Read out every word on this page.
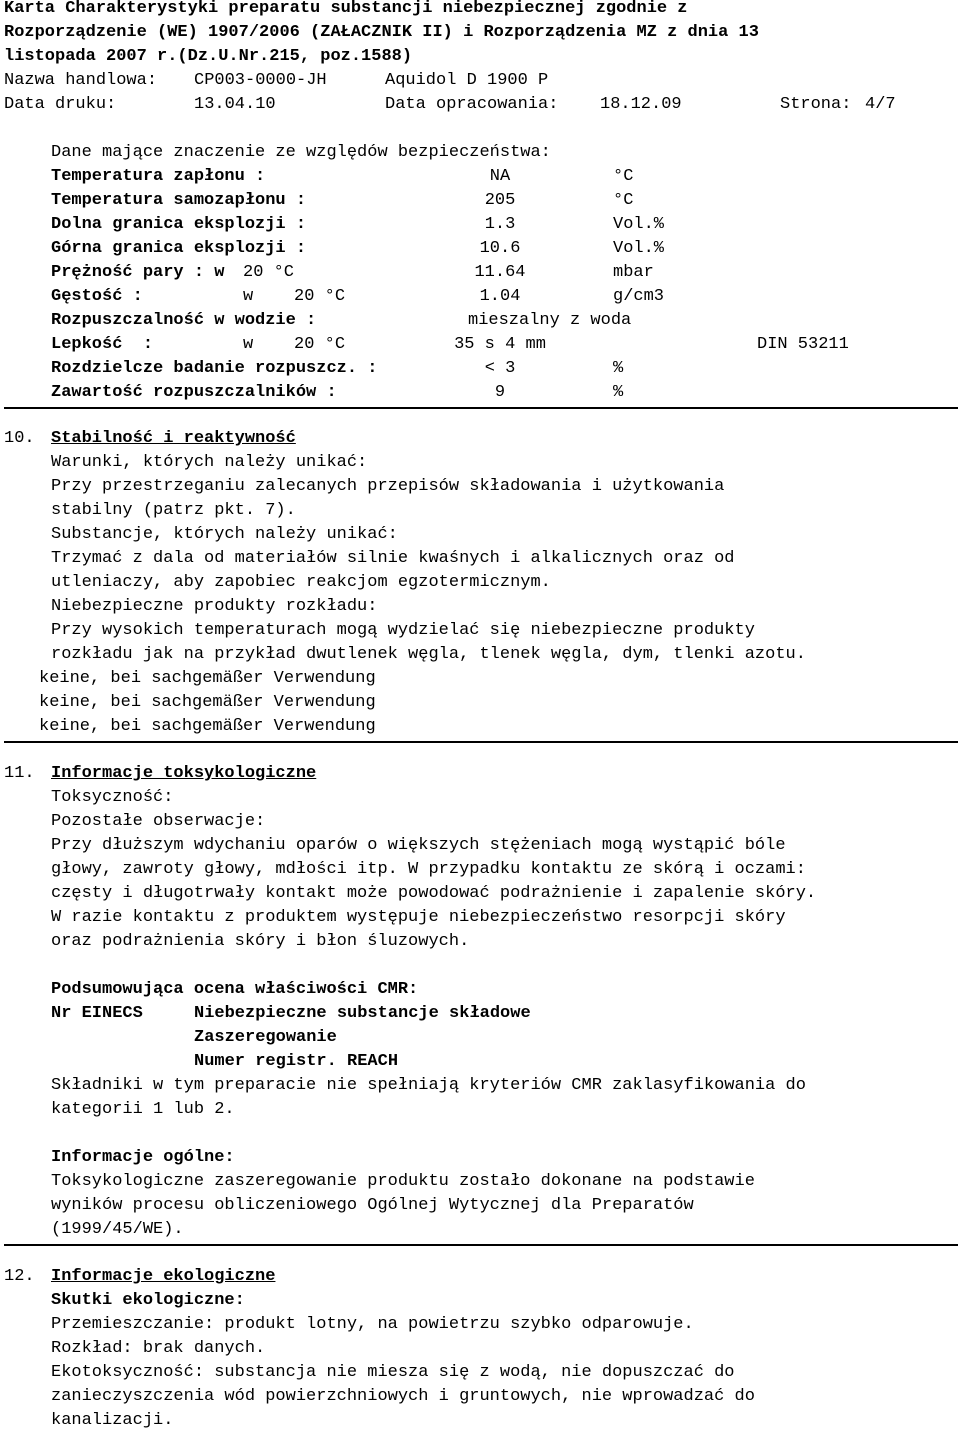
Karta Charakterystyki preparatu substancji niebezpiecznej zgodnie z
Rozporządzenie (WE) 1907/2006 (ZAŁACZNIK II) i Rozporządzenia MZ z dnia 13
listopada 2007 r.(Dz.U.Nr.215, poz.1588)
Nazwa handlowa: CP003-0000-JH	Aquidol D 1900 P
Data druku:	13.04.10	Data opracowania: 18.12.09	Strona: 4/7
Dane mające znaczenie ze względów bezpieczeństwa:
Temperatura zapłonu :	NA	°C
Temperatura samozapłonu :	205	°C
Dolna granica eksplozji :	1.3	Vol.%
Górna granica eksplozji :	10.6	Vol.%
Prężność pary : w 20 °C	11.64	mbar
Gęstość :	w    20 °C	1.04	g/cm3
Rozpuszczalność w wodzie :	mieszalny z woda
Lepkość  :	w    20 °C	35 s 4 mm	DIN 53211
Rozdzielcze badanie rozpuszcz. :	< 3	%
Zawartość rozpuszczalników :	9	%
10. Stabilność i reaktywność
Warunki, których należy unikać:
Przy przestrzeganiu zalecanych przepisów składowania i użytkowania
stabilny (patrz pkt. 7).
Substancje, których należy unikać:
Trzymać z dala od materiałów silnie kwaśnych i alkalicznych oraz od
utleniaczy, aby zapobiec reakcjom egzotermicznym.
Niebezpieczne produkty rozkładu:
Przy wysokich temperaturach mogą wydzielać się niebezpieczne produkty
rozkładu jak na przykład dwutlenek węgla, tlenek węgla, dym, tlenki azotu.
keine, bei sachgemäßer Verwendung
keine, bei sachgemäßer Verwendung
keine, bei sachgemäßer Verwendung
11. Informacje toksykologiczne
Toksyczność:
Pozostałe obserwacje:
Przy dłuższym wdychaniu oparów o większych stężeniach mogą wystąpić bóle
głowy, zawroty głowy, mdłości itp. W przypadku kontaktu ze skórą i oczami:
częsty i długotrwały kontakt może powodować podrażnienie i zapalenie skóry.
W razie kontaktu z produktem występuje niebezpieczeństwo resorpcji skóry
oraz podrażnienia skóry i błon śluzowych.
Podsumowująca ocena właściwości CMR:
Nr EINECS	Niebezpieczne substancje składowe
Zaszeregowanie
Numer registr. REACH
Składniki w tym preparacie nie spełniają kryteriów CMR zaklasyfikowania do
kategorii 1 lub 2.
Informacje ogólne:
Toksykologiczne zaszeregowanie produktu zostało dokonane na podstawie
wyników procesu obliczeniowego Ogólnej Wytycznej dla Preparatów
(1999/45/WE).
12. Informacje ekologiczne
Skutki ekologiczne:
Przemieszczanie: produkt lotny, na powietrzu szybko odparowuje.
Rozkład: brak danych.
Ekotoksyczność: substancja nie miesza się z wodą, nie dopuszczać do
zanieczyszczenia wód powierzchniowych i gruntowych, nie wprowadzać do
kanalizacji.
